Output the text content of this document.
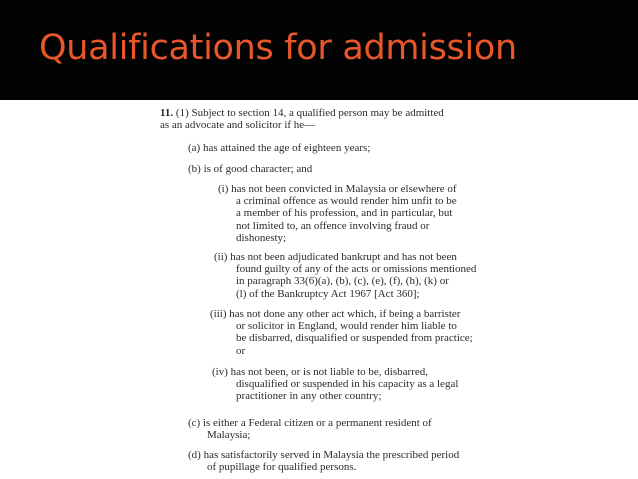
Qualifications for admission
11. (1) Subject to section 14, a qualified person may be admitted
as an advocate and solicitor if he—
(a) has attained the age of eighteen years;
(b) is of good character; and
(i) has not been convicted in Malaysia or elsewhere of
a criminal offence as would render him unfit to be
a member of his profession, and in particular, but
not limited to, an offence involving fraud or
dishonesty;
(ii) has not been adjudicated bankrupt and has not been
found guilty of any of the acts or omissions mentioned
in paragraph 33(6)(a), (b), (c), (e), (f), (h), (k) or
(l) of the Bankruptcy Act 1967 [Act 360];
(iii) has not done any other act which, if being a barrister
or solicitor in England, would render him liable to
be disbarred, disqualified or suspended from practice;
or
(iv) has not been, or is not liable to be, disbarred,
disqualified or suspended in his capacity as a legal
practitioner in any other country;
(c) is either a Federal citizen or a permanent resident of
Malaysia;
(d) has satisfactorily served in Malaysia the prescribed period
of pupillage for qualified persons.
